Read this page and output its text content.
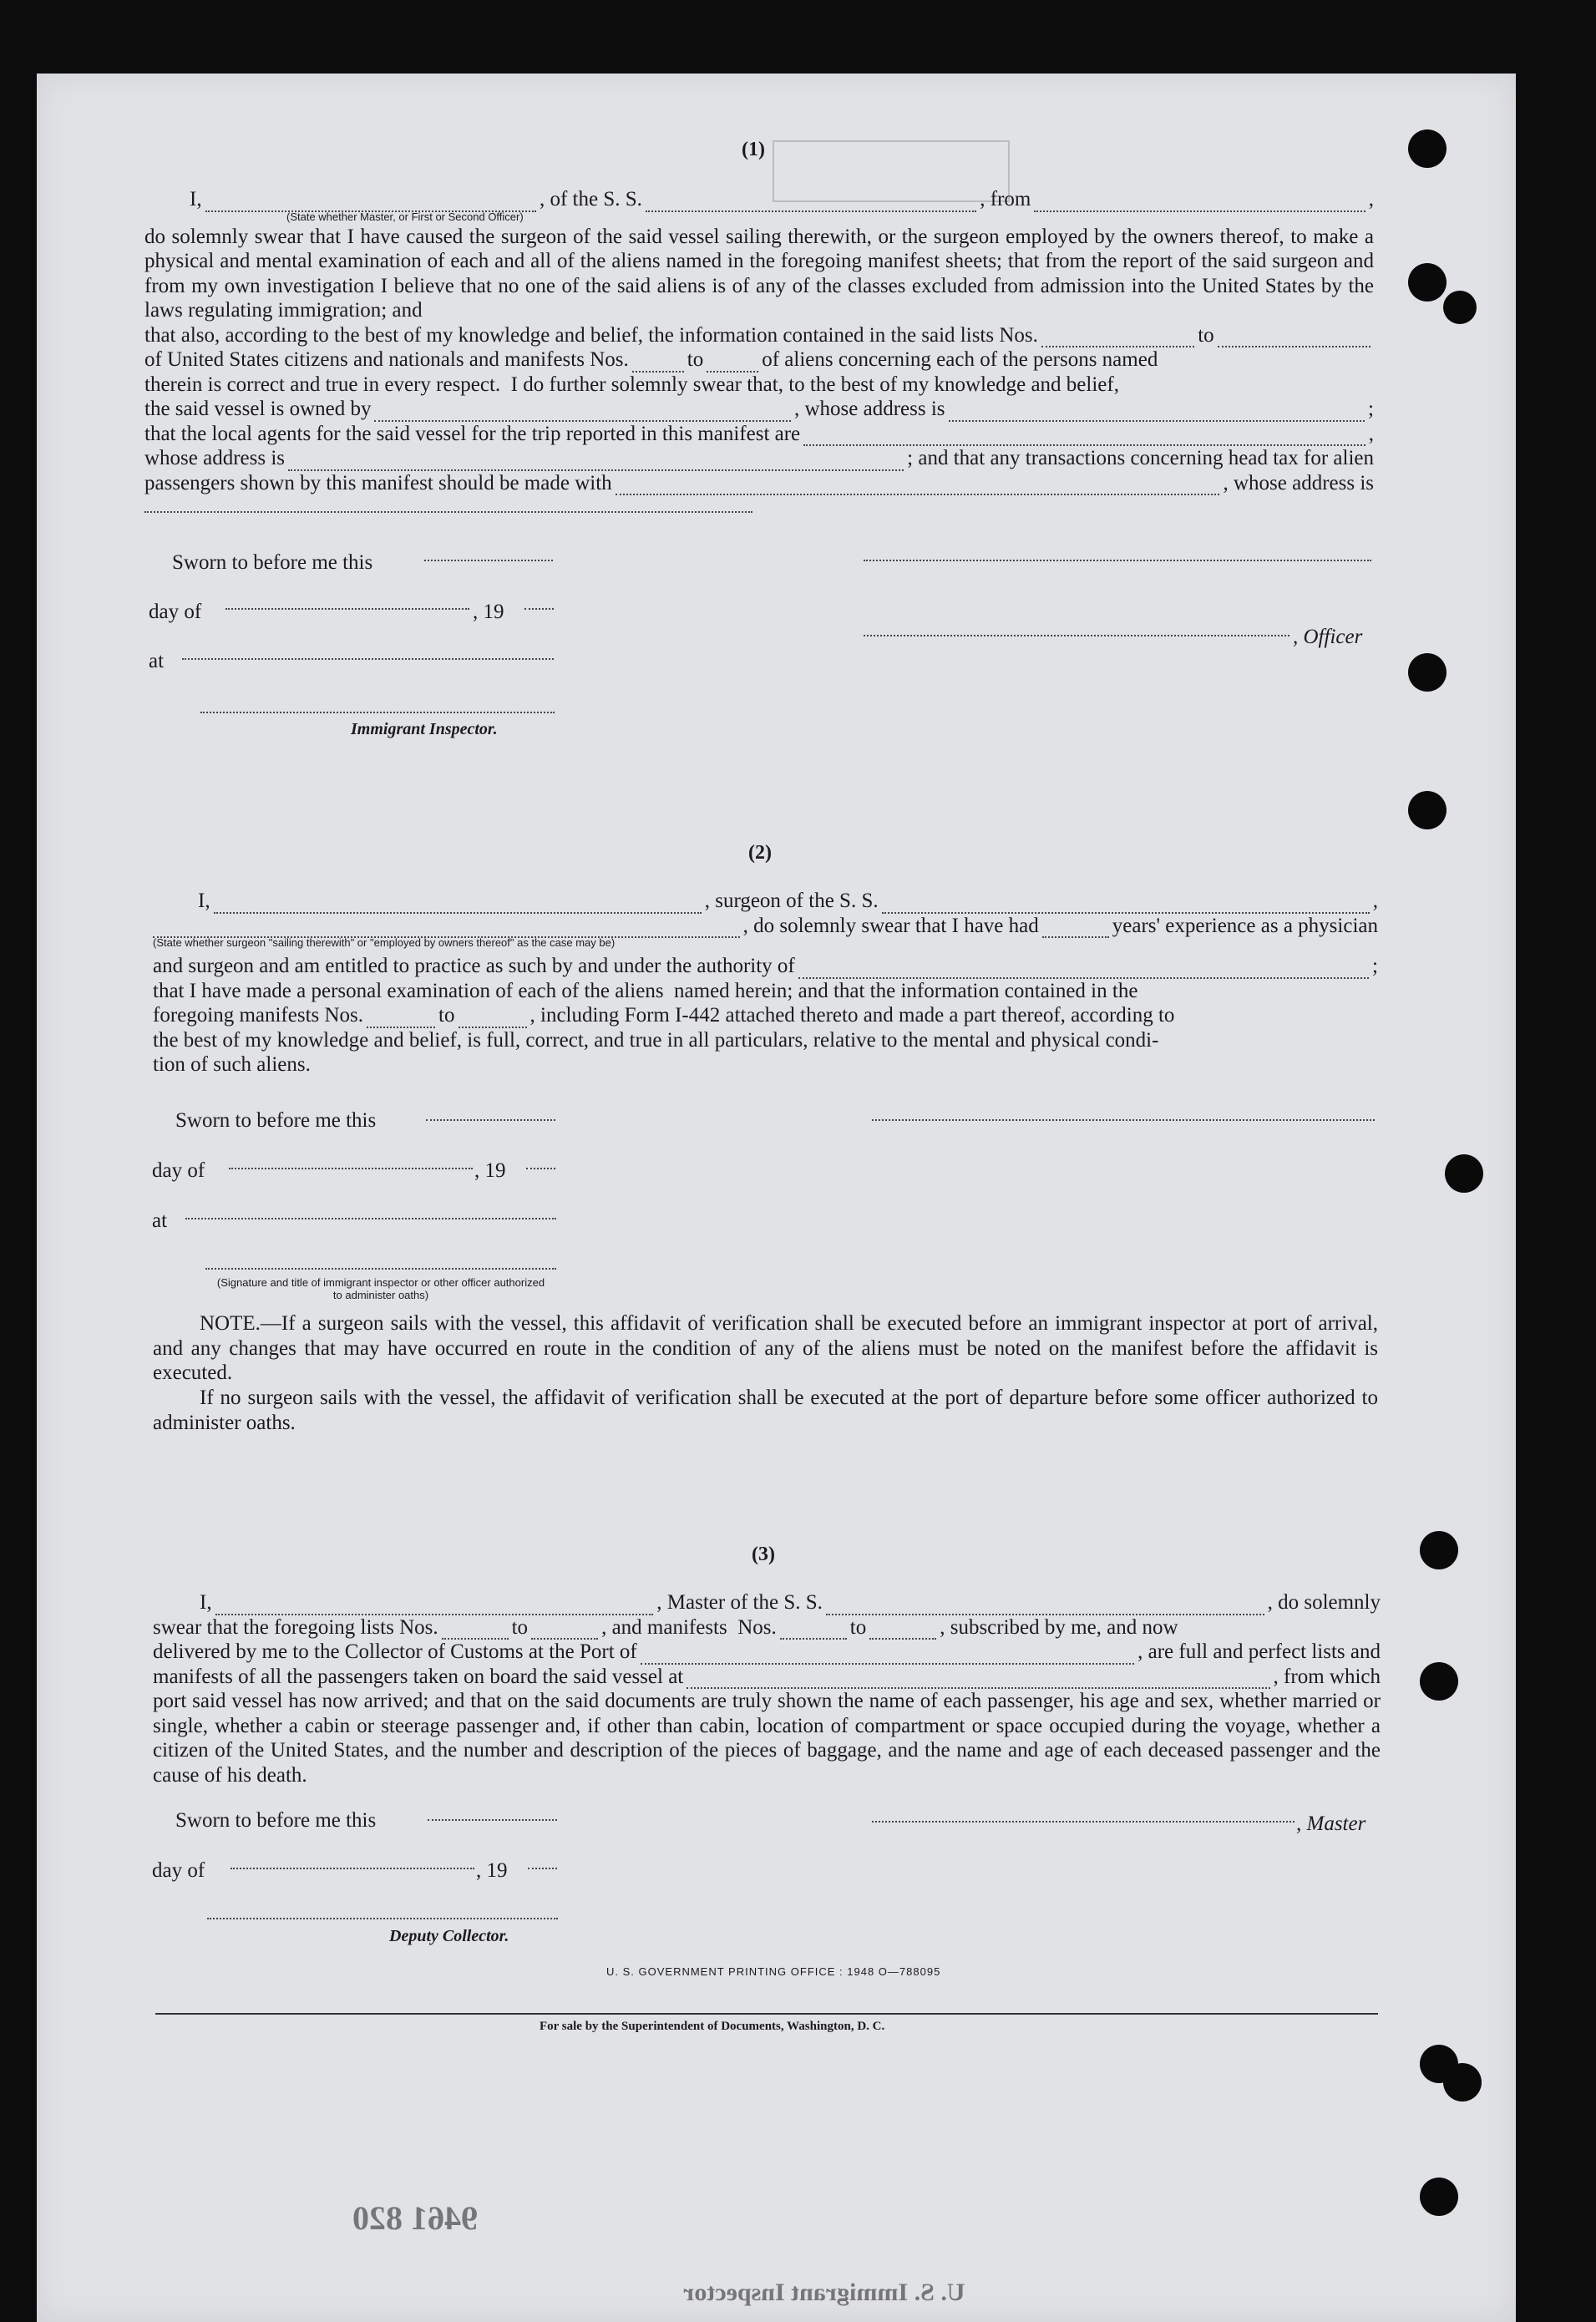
(1)
I,	, of the S. S.	, from	,
(State whether Master, or First or Second Officer)
do solemnly swear that I have caused the surgeon of the said vessel sailing therewith, or the surgeon employed by the owners thereof, to make a physical and mental examination of each and all of the aliens named in the foregoing manifest sheets; that from the report of the said surgeon and from my own investigation I believe that no one of the said aliens is of any of the classes excluded from admission into the United States by the laws regulating immigration; and
that also, according to the best of my knowledge and belief, the information contained in the said lists Nos.	to
of United States citizens and nationals and manifests Nos.	to	of aliens concerning each of the persons named
therein is correct and true in every respect.  I do further solemnly swear that, to the best of my knowledge and belief,
the said vessel is owned by	, whose address is	;
that the local agents for the said vessel for the trip reported in this manifest are	,
whose address is	; and that any transactions concerning head tax for alien
passengers shown by this manifest should be made with	, whose address is
Sworn to before me this
day of	, 19
, Officer
at
Immigrant Inspector.
(2)
I,	, surgeon of the S. S.	,
, do solemnly swear that I have had	years' experience as a physician
(State whether surgeon "sailing therewith" or "employed by owners thereof" as the case may be)
and surgeon and am entitled to practice as such by and under the authority of	;
that I have made a personal examination of each of the aliens  named herein; and that the information contained in the
foregoing manifests Nos.	to	, including Form I-442 attached thereto and made a part thereof, according to
the best of my knowledge and belief, is full, correct, and true in all particulars, relative to the mental and physical condi-
tion of such aliens.
Sworn to before me this
day of	, 19
at
(Signature and title of immigrant inspector or other officer authorized to administer oaths)
NOTE.—If a surgeon sails with the vessel, this affidavit of verification shall be executed before an immigrant inspector at port of arrival, and any changes that may have occurred en route in the condition of any of the aliens must be noted on the manifest before the affidavit is executed.
If no surgeon sails with the vessel, the affidavit of verification shall be executed at the port of departure before some officer authorized to administer oaths.
(3)
I,	, Master of the S. S.	, do solemnly
swear that the foregoing lists Nos.	to	, and manifests  Nos.	to	, subscribed by me, and now
delivered by me to the Collector of Customs at the Port of	, are full and perfect lists and
manifests of all the passengers taken on board the said vessel at	, from which
port said vessel has now arrived; and that on the said documents are truly shown the name of each passenger, his age and sex, whether married or single, whether a cabin or steerage passenger and, if other than cabin, location of compartment or space occupied during the voyage, whether a citizen of the United States, and the number and description of the pieces of baggage, and the name and age of each deceased passenger and the cause of his death.
Sworn to before me this	, Master
day of	, 19
Deputy Collector.
U. S. GOVERNMENT PRINTING OFFICE : 1948 O—788095
For sale by the Superintendent of Documents, Washington, D. C.
9461 820
U. S. Immigrant Inspector
